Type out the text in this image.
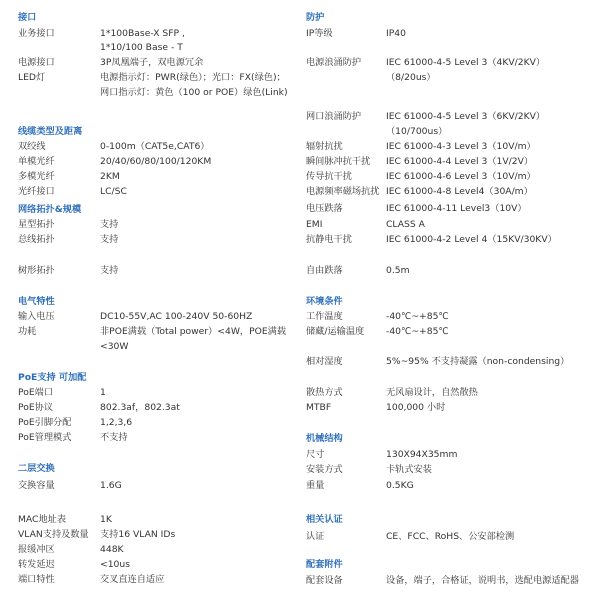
接口
业务接口	1*100Base-X SFP ,
1*10/100 Base - T
电源接口	3P凤凰端子，双电源冗余
LED灯	电源指示灯：PWR(绿色）；光口：FX(绿色)；
网口指示灯：黄色（100 or POE）绿色(Link)
线缆类型及距离
双绞线	0-100m（CAT5e,CAT6）
单模光纤	20/40/60/80/100/120KM
多模光纤	2KM
光纤接口	LC/SC
网络拓扑&规模
星型拓扑	支持
总线拓扑	支持
树形拓扑	支持
电气特性
输入电压	DC10-55V,AC 100-240V 50-60HZ
功耗	非POE满载（Total power）<4W，POE满载
<30W
PoE支持 可加配
PoE端口	1
PoE协议	802.3af，802.3at
PoE引脚分配	1,2,3,6
PoE管理模式	不支持
二层交换
交换容量	1.6G
MAC地址表	1K
VLAN支持及数量 支持16 VLAN IDs
报缓冲区	448K
转发延迟	<10us
端口特性	交叉直连自适应
防护
IP等级	IP40
电源浪涌防护	IEC 61000-4-5 Level 3（4KV/2KV）
（8/20us）
网口浪涌防护	IEC 61000-4-5 Level 3（6KV/2KV）
（10/700us）
辐射抗扰	IEC 61000-4-3 Level 3（10V/m）
瞬间脉冲抗干扰 IEC 61000-4-4 Level 3（1V/2V）
传导抗干扰	IEC 61000-4-6 Level 3（10V/m）
电源频率磁场抗扰 IEC 61000-4-8 Level4（30A/m）
电压跌落	IEC 61000-4-11 Level3（10V）
EMI	CLASS A
抗静电干扰	IEC 61000-4-2 Level 4（15KV/30KV）
自由跌落	0.5m
环境条件
工作温度	-40℃~+85℃
储藏/运输温度 -40℃~+85℃
相对湿度	5%~95% 不支持凝露（non-condensing）
散热方式	无风扇设计，自然散热
MTBF	100,000 小时
机械结构
尺寸	130X94X35mm
安装方式	卡轨式安装
重量	0.5KG
相关认证
认证	CE、FCC、RoHS、公安部检测
配套附件
配套设备	设备，端子，合格证，说明书，选配电源适配器
